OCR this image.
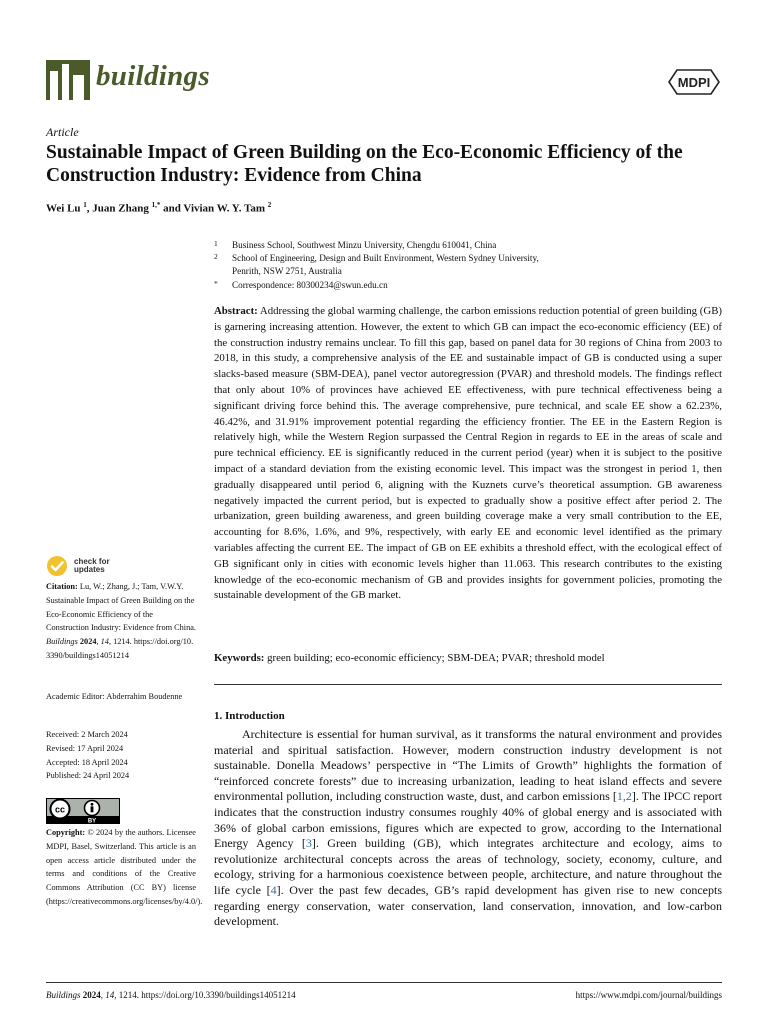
buildings	MDPI
Article
Sustainable Impact of Green Building on the Eco-Economic Efficiency of the Construction Industry: Evidence from China
Wei Lu $^1$, Juan Zhang $^{1,*}$ and Vivian W. Y. Tam $^2$
1 Business School, Southwest Minzu University, Chengdu 610041, China
2 School of Engineering, Design and Built Environment, Western Sydney University,
Penrith, NSW 2751, Australia
* Correspondence: 80300234@swun.edu.cn

Abstract: Addressing the global warming challenge, the carbon emissions reduction potential of green building (GB) is garnering increasing attention. However, the extent to which GB can impact the eco-economic efficiency (EE) of the construction industry remains unclear. To fill this gap, based on panel data for 30 regions of China from 2003 to 2018, in this study, a comprehensive analysis of the EE and sustainable impact of GB is conducted using a super slacks-based measure (SBM-DEA), panel vector autoregression (PVAR) and threshold models. The findings reflect that only about 10% of provinces have achieved EE effectiveness, with pure technical effectiveness being a significant driving force behind this. The average comprehensive, pure technical, and scale EE show a 62.23%, 46.42%, and 31.91% improvement potential regarding the efficiency frontier. The EE in the Eastern Region is relatively high, while the Western Region surpassed the Central Region in regards to EE in the areas of scale and pure technical efficiency. EE is significantly reduced in the current period (year) when it is subject to the positive impact of a standard deviation from the existing economic level. This impact was the strongest in period 1, then gradually disappeared until period 6, aligning with the Kuznets curve’s theoretical assumption. GB awareness negatively impacted the current period, but is expected to gradually show a positive effect after period 2. The urbanization, green building awareness, and green building coverage make a very small contribution to the EE, accounting for 8.6%, 1.6%, and 9%, respectively, with early EE and economic level identified as the primary variables affecting the current EE. The impact of GB on EE exhibits a threshold effect, with the ecological effect of GB significant only in cities with economic levels higher than 11.063. This research contributes to the existing knowledge of the eco-economic mechanism of GB and provides insights for government policies, promoting the sustainable development of the GB market.

Keywords: green building; eco-economic efficiency; SBM-DEA; PVAR; threshold model
1. Introduction

Architecture is essential for human survival, as it transforms the natural environment and provides material and spiritual satisfaction. However, modern construction industry development is not sustainable. Donella Meadows’ perspective in “The Limits of Growth” highlights the formation of “reinforced concrete forests” due to increasing urbanization, leading to heat island effects and severe environmental pollution, including construction waste, dust, and carbon emissions [1,2]. The IPCC report indicates that the construction industry consumes roughly 40% of global energy and is associated with 36% of global carbon emissions, figures which are expected to grow, according to the International Energy Agency [3]. Green building (GB), which integrates architecture and ecology, aims to revolutionize architectural concepts across the areas of technology, society, economy, culture, and ecology, striving for a harmonious coexistence between people, architecture, and nature throughout the life cycle [4]. Over the past few decades, GB’s rapid development has given rise to new concepts regarding energy conservation, water conservation, land conservation, innovation, and low-carbon development.

check for
updates

Citation: Lu, W.; Zhang, J.; Tam, V.W.Y. Sustainable Impact of Green Building on the Eco-Economic Efficiency of the Construction Industry: Evidence from China. Buildings 2024, 14, 1214. https://doi.org/10.3390/buildings14051214

Academic Editor: Abderrahim Boudenne

Received: 2 March 2024

Revised: 17 April 2024

Accepted: 18 April 2024

Published: 24 April 2024

cc
BY

Copyright: © 2024 by the authors. Licensee MDPI, Basel, Switzerland. This article is an open access article distributed under the terms and conditions of the Creative Commons Attribution (CC BY) license (https://creativecommons.org/licenses/by/4.0/).

Buildings 2024, 14, 1214. https://doi.org/10.3390/buildings14051214	https://www.mdpi.com/journal/buildings
